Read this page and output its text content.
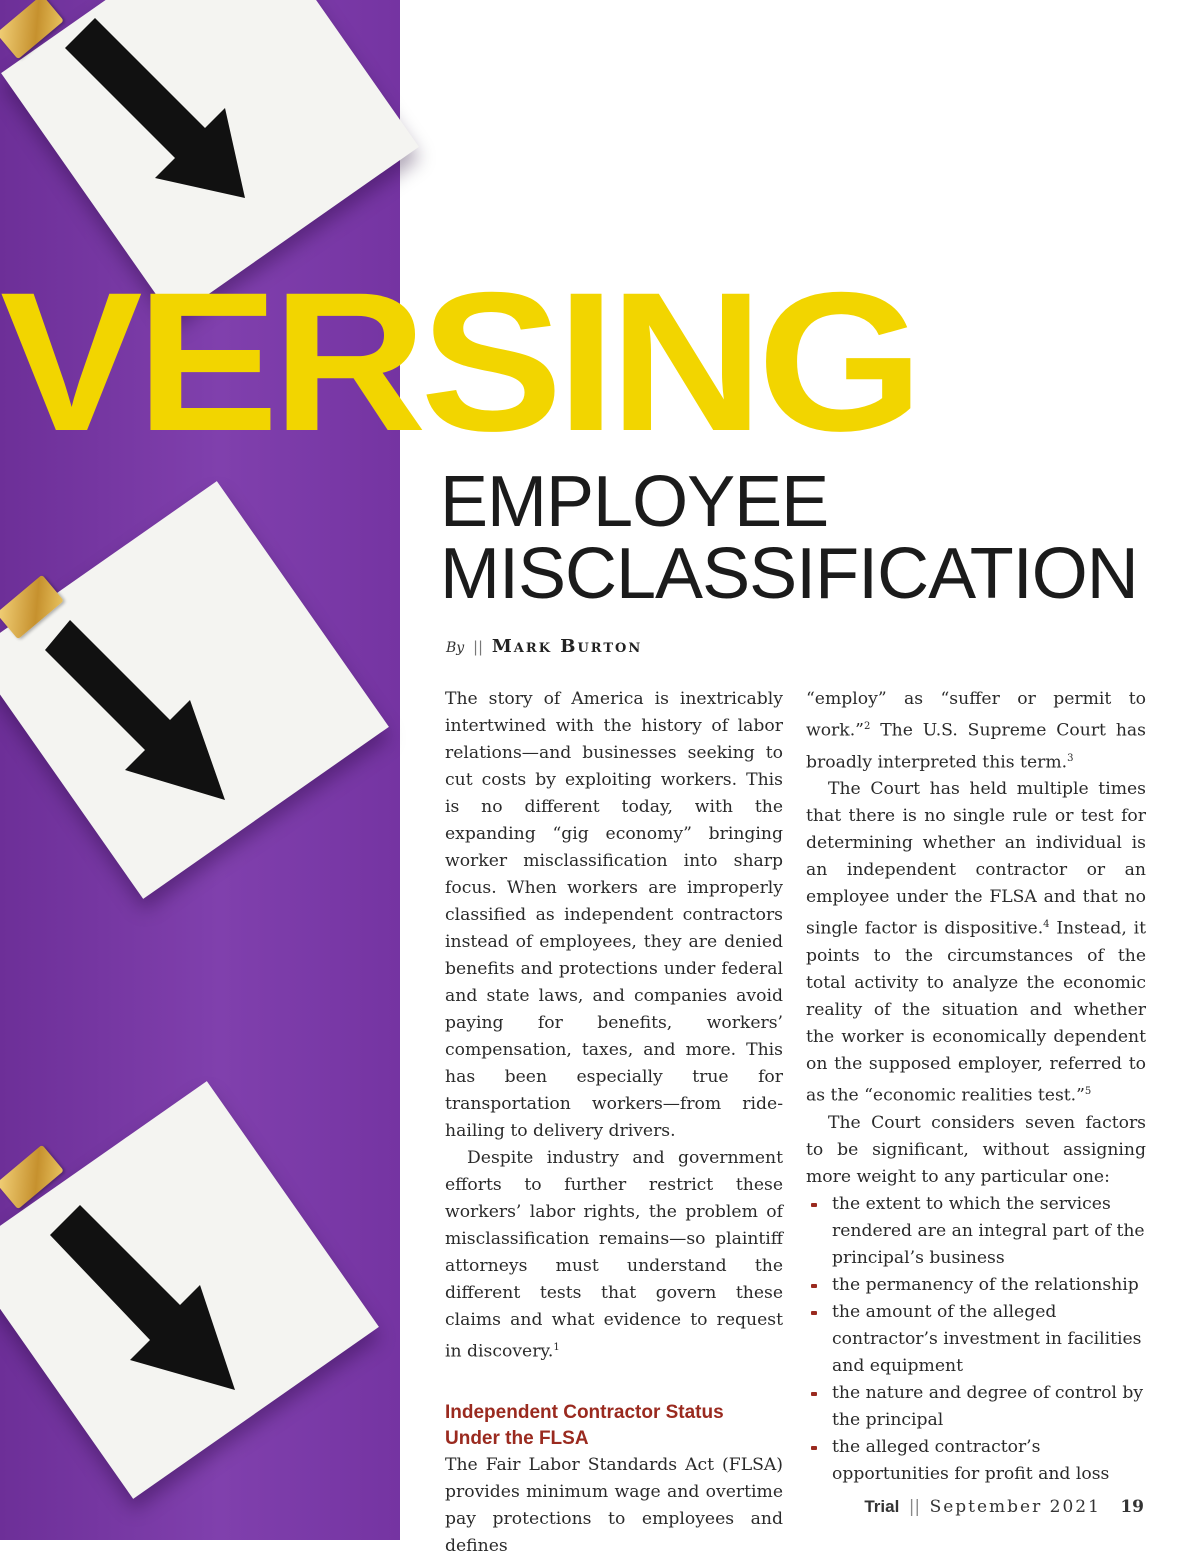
VERSING
EMPLOYEE
MISCLASSIFICATION
By || Mark Burton

The story of America is inextricably intertwined with the history of labor relations—and businesses seeking to cut costs by exploiting workers. This is no different today, with the expanding “gig economy” bringing worker misclassification into sharp focus. When workers are improperly classified as independent contractors instead of employees, they are denied benefits and protections under federal and state laws, and companies avoid paying for benefits, workers’ compensation, taxes, and more. This has been especially true for transportation workers—from ride-hailing to delivery drivers.

Despite industry and government efforts to further restrict these workers’ labor rights, the problem of misclassification remains—so plaintiff attorneys must understand the different tests that govern these claims and what evidence to request in discovery.$^1$

Independent Contractor Status Under the FLSA

The Fair Labor Standards Act (FLSA) provides minimum wage and overtime pay protections to employees and defines

“employ” as “suffer or permit to work.”$^2$ The U.S. Supreme Court has broadly interpreted this term.$^3$

The Court has held multiple times that there is no single rule or test for determining whether an individual is an independent contractor or an employee under the FLSA and that no single factor is dispositive.$^4$ Instead, it points to the circumstances of the total activity to analyze the economic reality of the situation and whether the worker is economically dependent on the supposed employer, referred to as the “economic realities test.”$^5$

The Court considers seven factors to be significant, without assigning more weight to any particular one:

the extent to which the services rendered are an integral part of the principal’s business
the permanency of the relationship
the amount of the alleged contractor’s investment in facilities and equipment
the nature and degree of control by the principal
the alleged contractor’s opportunities for profit and loss
Trial || September 2021 19
